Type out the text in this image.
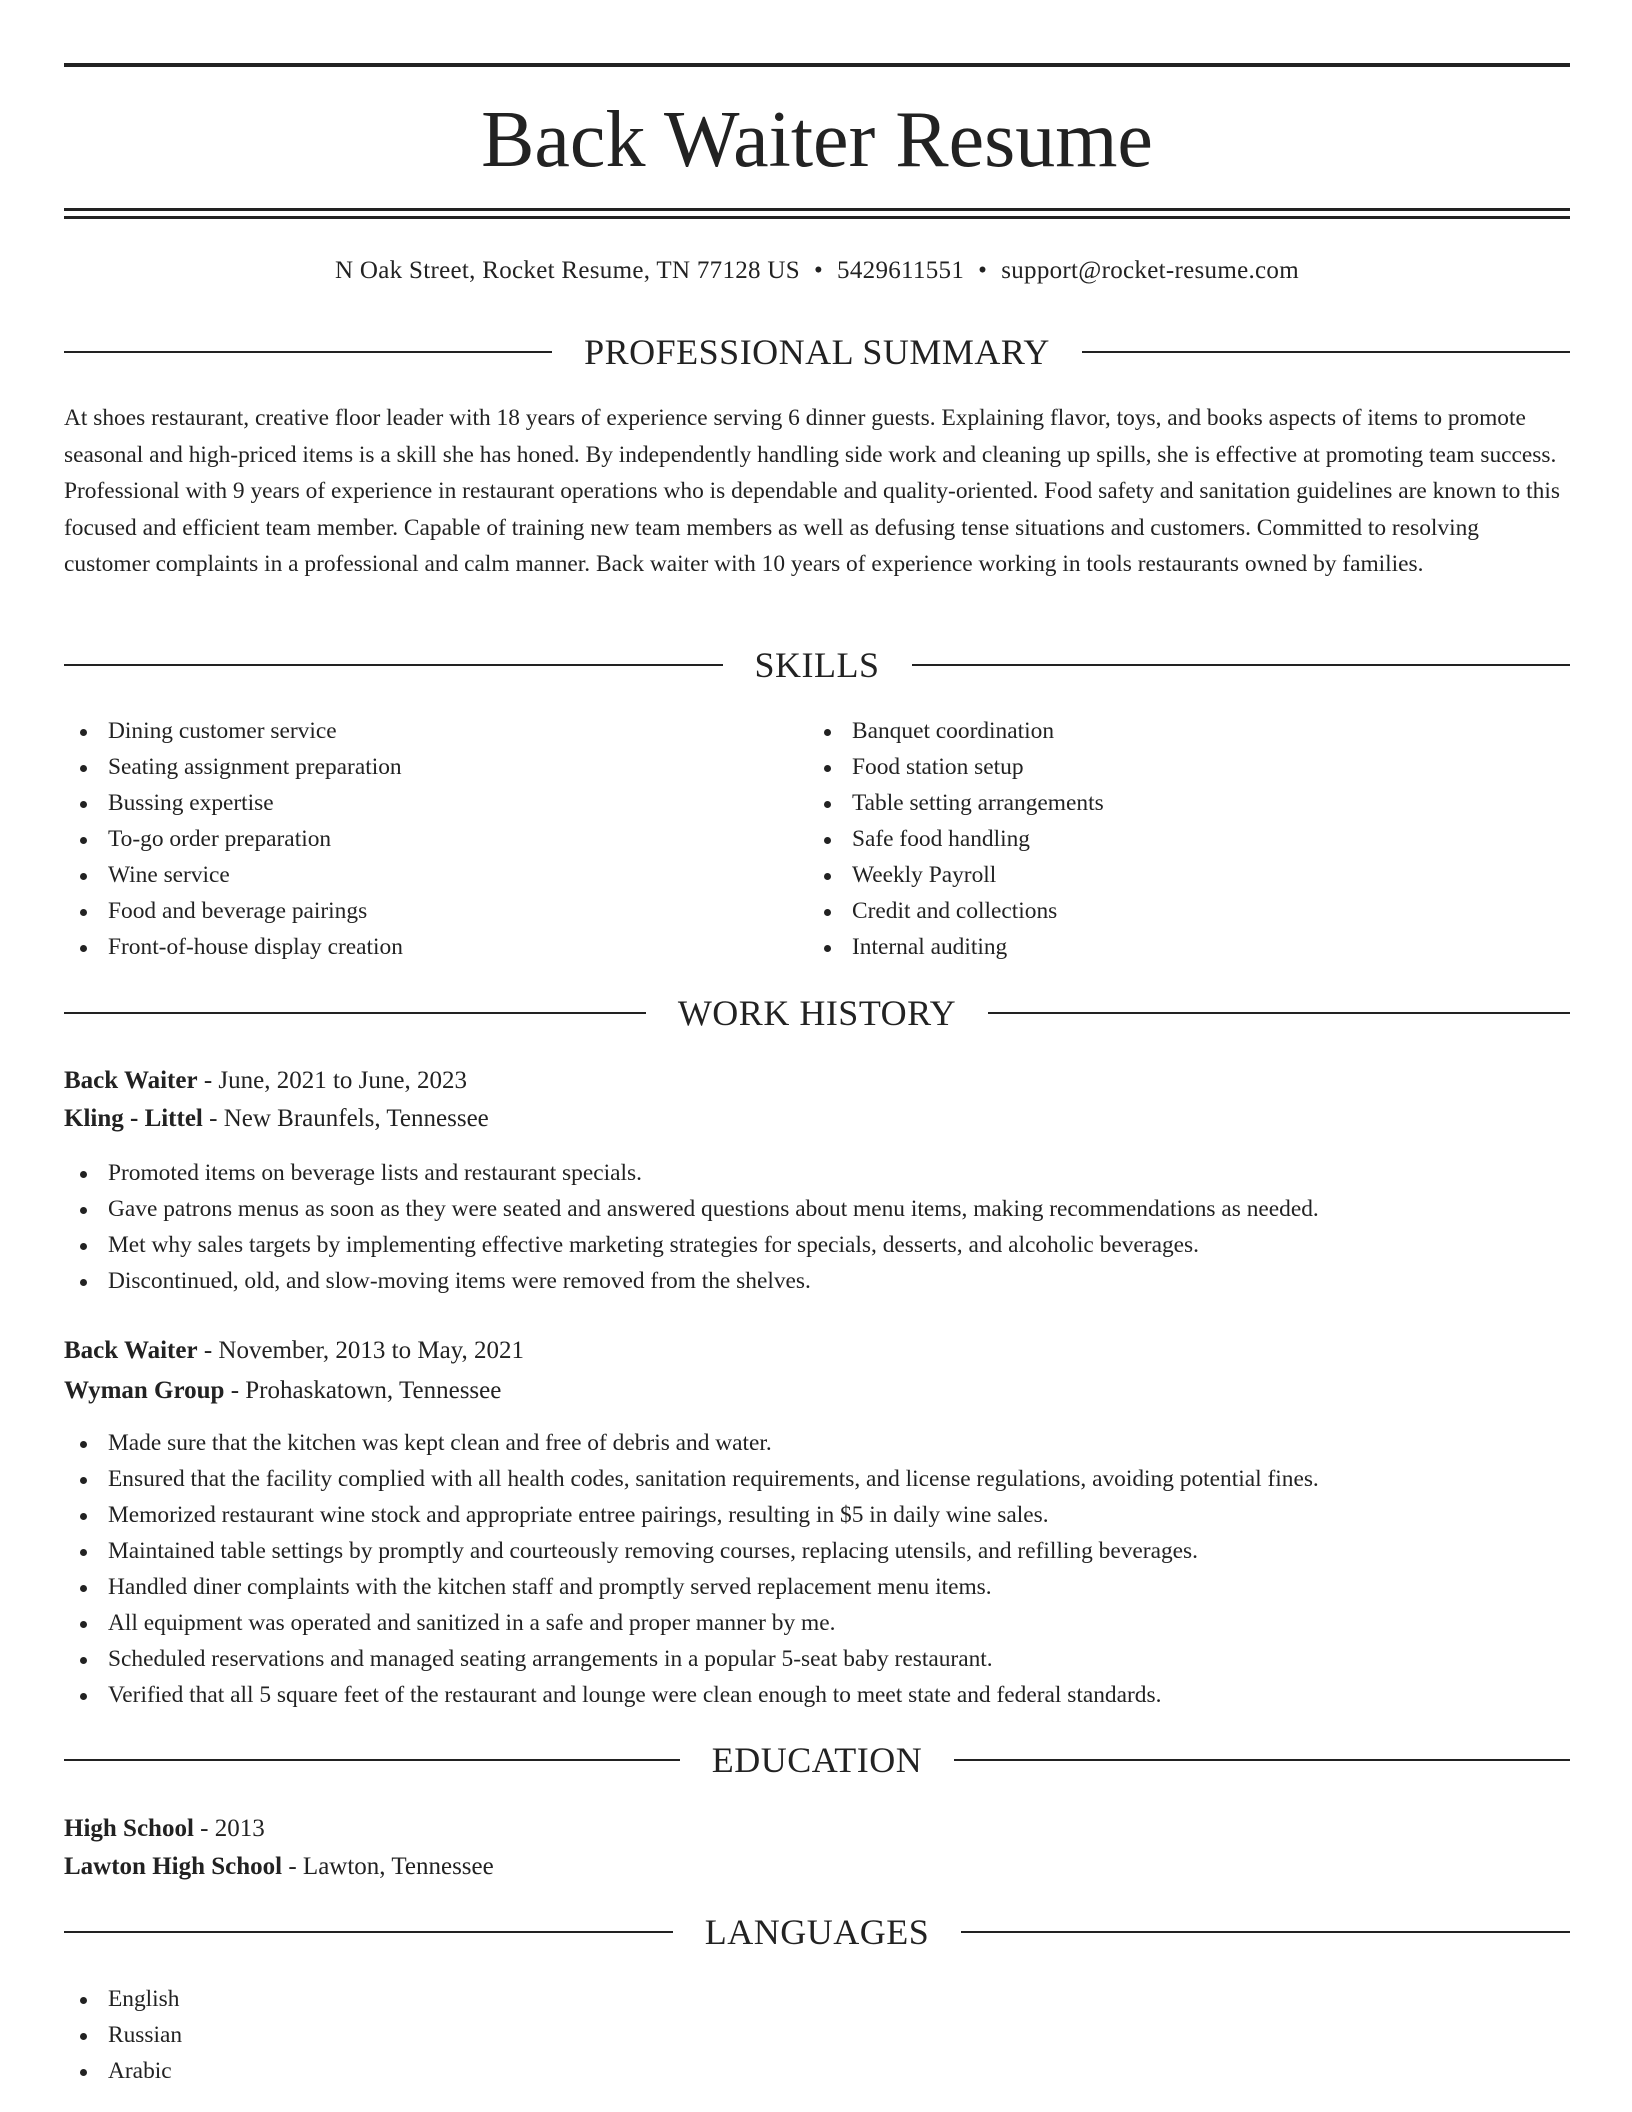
Back Waiter Resume
N Oak Street, Rocket Resume, TN 77128 US • 5429611551 • support@rocket-resume.com
PROFESSIONAL SUMMARY

At shoes restaurant, creative floor leader with 18 years of experience serving 6 dinner guests. Explaining flavor, toys, and books aspects of items to promote seasonal and high-priced items is a skill she has honed. By independently handling side work and cleaning up spills, she is effective at promoting team success. Professional with 9 years of experience in restaurant operations who is dependable and quality-oriented. Food safety and sanitation guidelines are known to this focused and efficient team member. Capable of training new team members as well as defusing tense situations and customers. Committed to resolving customer complaints in a professional and calm manner. Back waiter with 10 years of experience working in tools restaurants owned by families.

SKILLS
Dining customer service
Seating assignment preparation
Bussing expertise
To-go order preparation
Wine service
Food and beverage pairings
Front-of-house display creation
Banquet coordination
Food station setup
Table setting arrangements
Safe food handling
Weekly Payroll
Credit and collections
Internal auditing
WORK HISTORY
Back Waiter - June, 2021 to June, 2023
Kling - Littel - New Braunfels, Tennessee
Promoted items on beverage lists and restaurant specials.
Gave patrons menus as soon as they were seated and answered questions about menu items, making recommendations as needed.
Met why sales targets by implementing effective marketing strategies for specials, desserts, and alcoholic beverages.
Discontinued, old, and slow-moving items were removed from the shelves.
Back Waiter - November, 2013 to May, 2021
Wyman Group - Prohaskatown, Tennessee
Made sure that the kitchen was kept clean and free of debris and water.
Ensured that the facility complied with all health codes, sanitation requirements, and license regulations, avoiding potential fines.
Memorized restaurant wine stock and appropriate entree pairings, resulting in $5 in daily wine sales.
Maintained table settings by promptly and courteously removing courses, replacing utensils, and refilling beverages.
Handled diner complaints with the kitchen staff and promptly served replacement menu items.
All equipment was operated and sanitized in a safe and proper manner by me.
Scheduled reservations and managed seating arrangements in a popular 5-seat baby restaurant.
Verified that all 5 square feet of the restaurant and lounge were clean enough to meet state and federal standards.
EDUCATION
High School - 2013
Lawton High School - Lawton, Tennessee
LANGUAGES
English
Russian
Arabic
